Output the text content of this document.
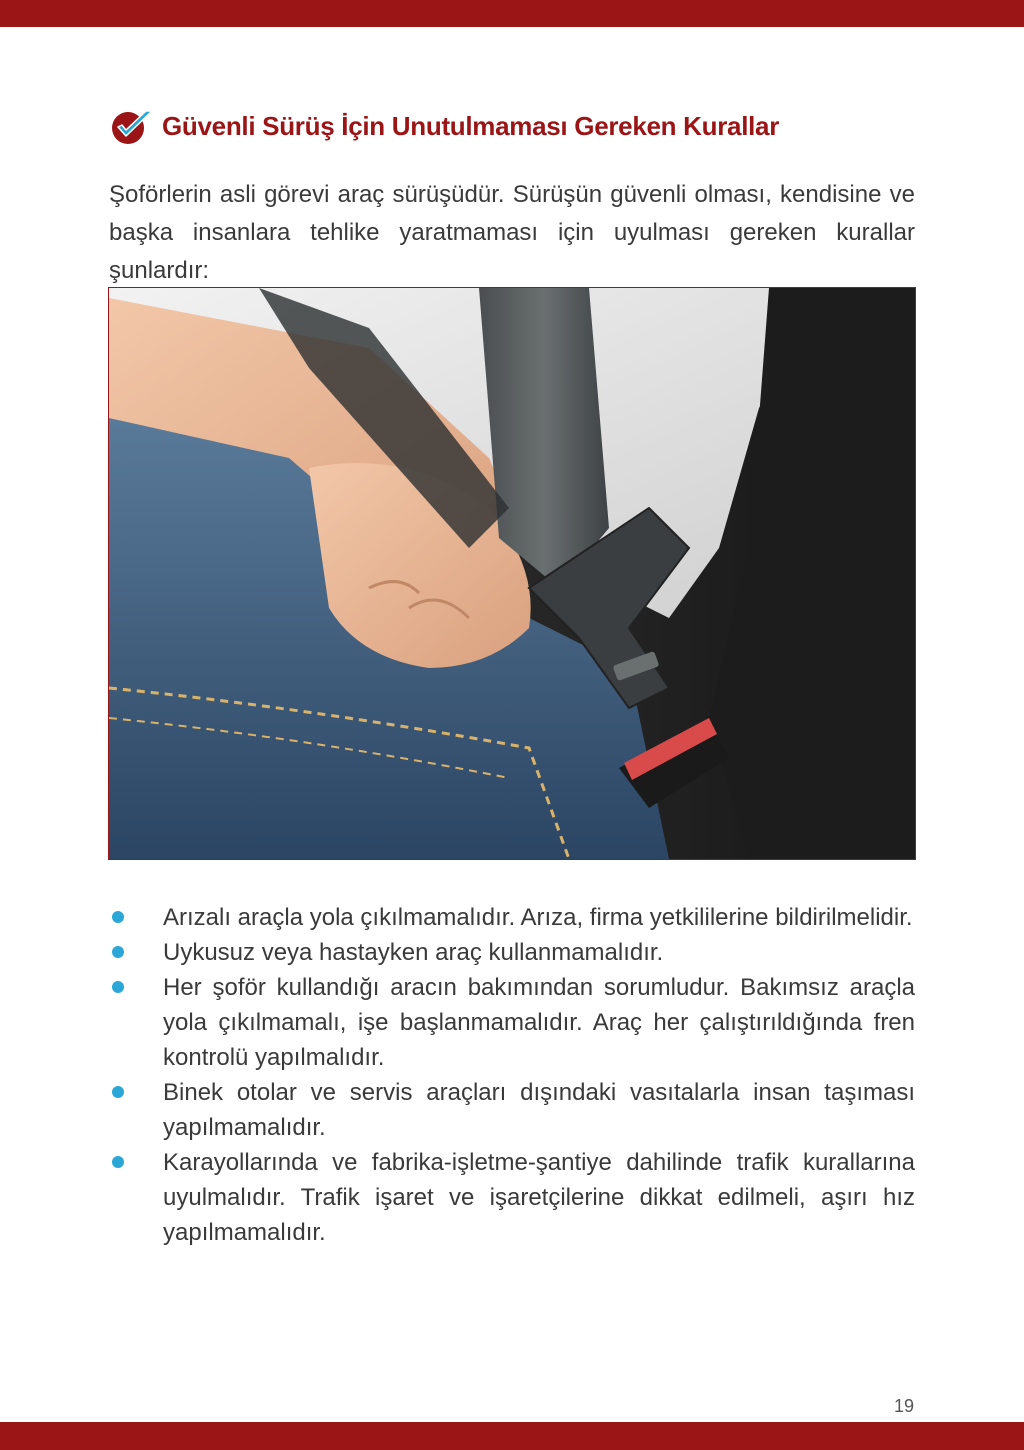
Güvenli Sürüş İçin Unutulmaması Gereken Kurallar

Şoförlerin asli görevi araç sürüşüdür. Sürüşün güvenli olması, kendisine ve başka insanlara tehlike yaratmaması için uyulması gereken kurallar şunlardır:

Arızalı araçla yola çıkılmamalıdır. Arıza, firma yetkililerine bildirilmelidir.
Uykusuz veya hastayken araç kullanmamalıdır.
Her şoför kullandığı aracın bakımından sorumludur. Bakımsız araçla yola çıkılmamalı, işe başlanmamalıdır. Araç her çalıştırıldığında fren kontrolü yapılmalıdır.
Binek otolar ve servis araçları dışındaki vasıtalarla insan taşıması yapılmamalıdır.
Karayollarında ve fabrika-işletme-şantiye dahilinde trafik kurallarına uyulmalıdır. Trafik işaret ve işaretçilerine dikkat edilmeli, aşırı hız yapılmamalıdır.
19
